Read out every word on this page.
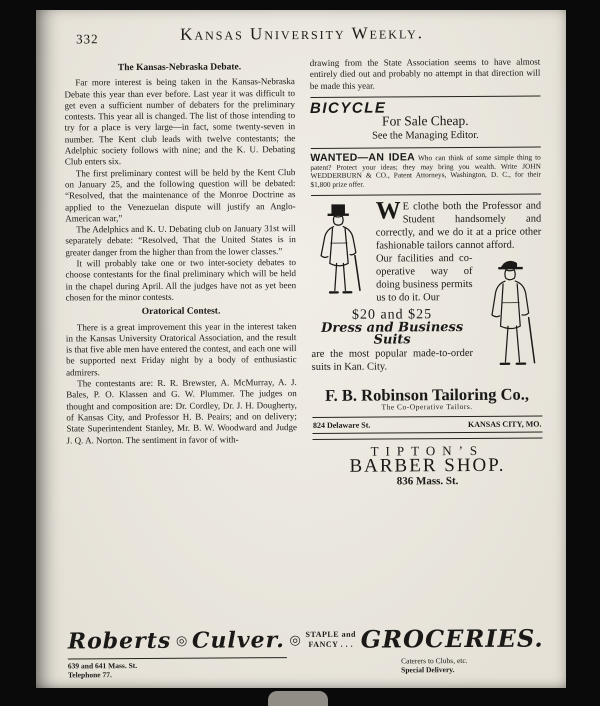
332	Kansas University Weekly.
The Kansas-Nebraska Debate.

Far more interest is being taken in the Kansas-Nebraska Debate this year than ever before. Last year it was difficult to get even a sufficient number of debaters for the preliminary contests. This year all is changed. The list of those intending to try for a place is very large—in fact, some twenty-seven in number. The Kent club leads with twelve contestants; the Adelphic society follows with nine; and the K. U. Debating Club enters six.

The first preliminary contest will be held by the Kent Club on January 25, and the following question will be debated: “Resolved, that the maintenance of the Monroe Doctrine as applied to the Venezuelan dispute will justify an Anglo-American war,”

The Adelphics and K. U. Debating club on January 31st will separately debate: “Resolved, That the United States is in greater danger from the higher than from the lower classes.”

It will probably take one or two inter-society debates to choose contestants for the final preliminary which will be held in the chapel during April. All the judges have not as yet been chosen for the minor contests.

Oratorical Contest.

There is a great improvement this year in the interest taken in the Kansas University Oratorical Association, and the result is that five able men have entered the contest, and each one will be supported next Friday night by a body of enthusiastic admirers.

The contestants are: R. R. Brewster, A. McMurray, A. J. Bales, P. O. Klassen and G. W. Plummer. The judges on thought and composition are: Dr. Cordley, Dr. J. H. Dougherty, of Kansas City, and Professor H. B. Peairs; and on delivery; State Superintendent Stanley, Mr. B. W. Woodward and Judge J. Q. A. Norton. The sentiment in favor of with-

drawing from the State Association seems to have almost entirely died out and probably no attempt in that direction will be made this year.

BICYCLE
For Sale Cheap.
See the Managing Editor.
WANTED—AN IDEA Who can think of some simple thing to patent? Protect your ideas; they may bring you wealth. Write JOHN WEDDERBURN & CO., Patent Attorneys, Washington, D. C., for their $1,800 prize offer.

W E clothe both the Professor and Student handsomely and correctly, and we do it at a price other fashionable tailors cannot afford.

Our facilities and co-operative way of doing business permits us to do it. Our

$20 and $25
Dress and Business Suits

are the most popular made-to-order suits in Kan. City.

F. B. Robinson Tailoring Co.,
The Co-Operative Tailors.
824 Delaware St.	KANSAS CITY, MO.
TIPTON’S
BARBER SHOP.
836 Mass. St.
Roberts ◎ Culver. ◎ STAPLE and
FANCY . . . GROCERIES.
639 and 641 Mass. St.
Telephone 77.
Caterers to Clubs, etc.
Special Delivery.
